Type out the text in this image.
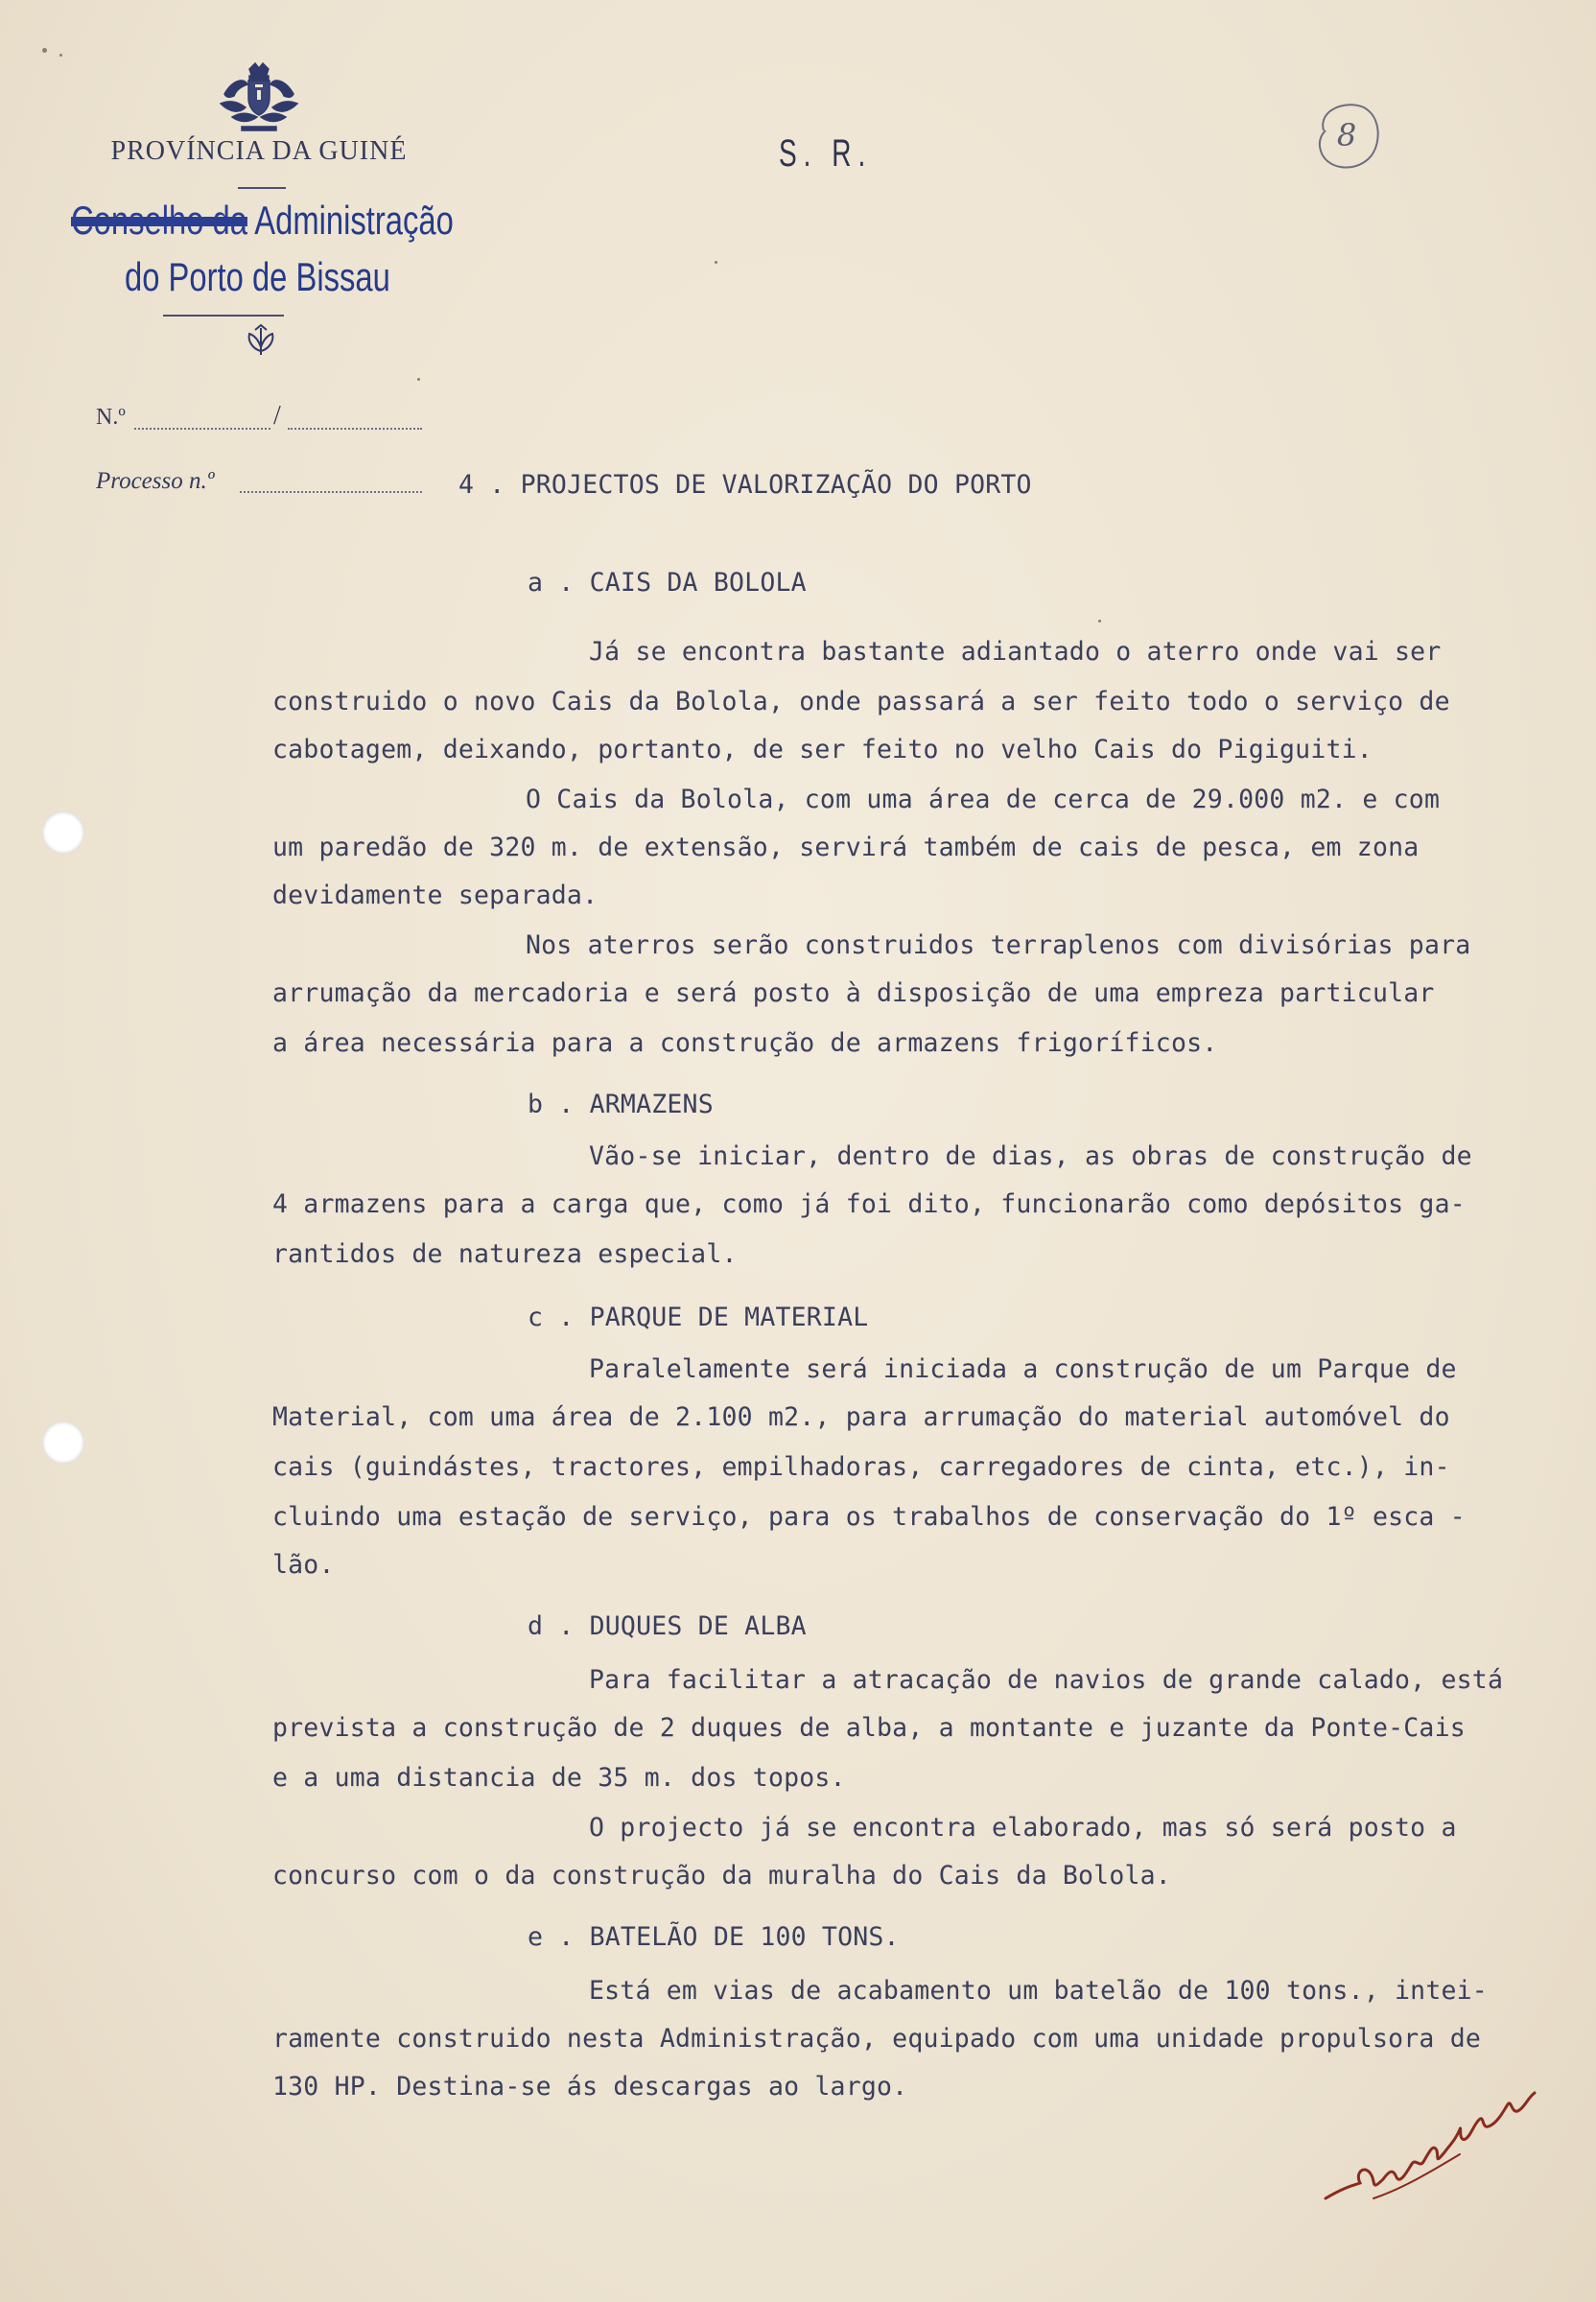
PROVÍNCIA DA GUINÉ
Conselho da Administração
do Porto de Bissau
S. R.	8
N.º	/
Processo n.º	4 . PROJECTOS DE VALORIZAÇÃO DO PORTO
a . CAIS DA BOLOLA
Já se encontra bastante adiantado o aterro onde vai ser
construido o novo Cais da Bolola, onde passará a ser feito todo o serviço de
cabotagem, deixando, portanto, de ser feito no velho Cais do Pigiguiti.
O Cais da Bolola, com uma área de cerca de 29.000 m2. e com
um paredão de 320 m. de extensão, servirá também de cais de pesca, em zona
devidamente separada.
Nos aterros serão construidos terraplenos com divisórias para
arrumação da mercadoria e será posto à disposição de uma empreza particular
a área necessária para a construção de armazens frigoríficos.
b . ARMAZENS
Vão-se iniciar, dentro de dias, as obras de construção de
4 armazens para a carga que, como já foi dito, funcionarão como depósitos ga-
rantidos de natureza especial.
c . PARQUE DE MATERIAL
Paralelamente será iniciada a construção de um Parque de
Material, com uma área de 2.100 m2., para arrumação do material automóvel do
cais (guindástes, tractores, empilhadoras, carregadores de cinta, etc.), in-
cluindo uma estação de serviço, para os trabalhos de conservação do 1º esca -
lão.
d . DUQUES DE ALBA
Para facilitar a atracação de navios de grande calado, está
prevista a construção de 2 duques de alba, a montante e juzante da Ponte-Cais
e a uma distancia de 35 m. dos topos.
O projecto já se encontra elaborado, mas só será posto a
concurso com o da construção da muralha do Cais da Bolola.
e . BATELÃO DE 100 TONS.
Está em vias de acabamento um batelão de 100 tons., intei-
ramente construido nesta Administração, equipado com uma unidade propulsora de
130 HP. Destina-se ás descargas ao largo.
